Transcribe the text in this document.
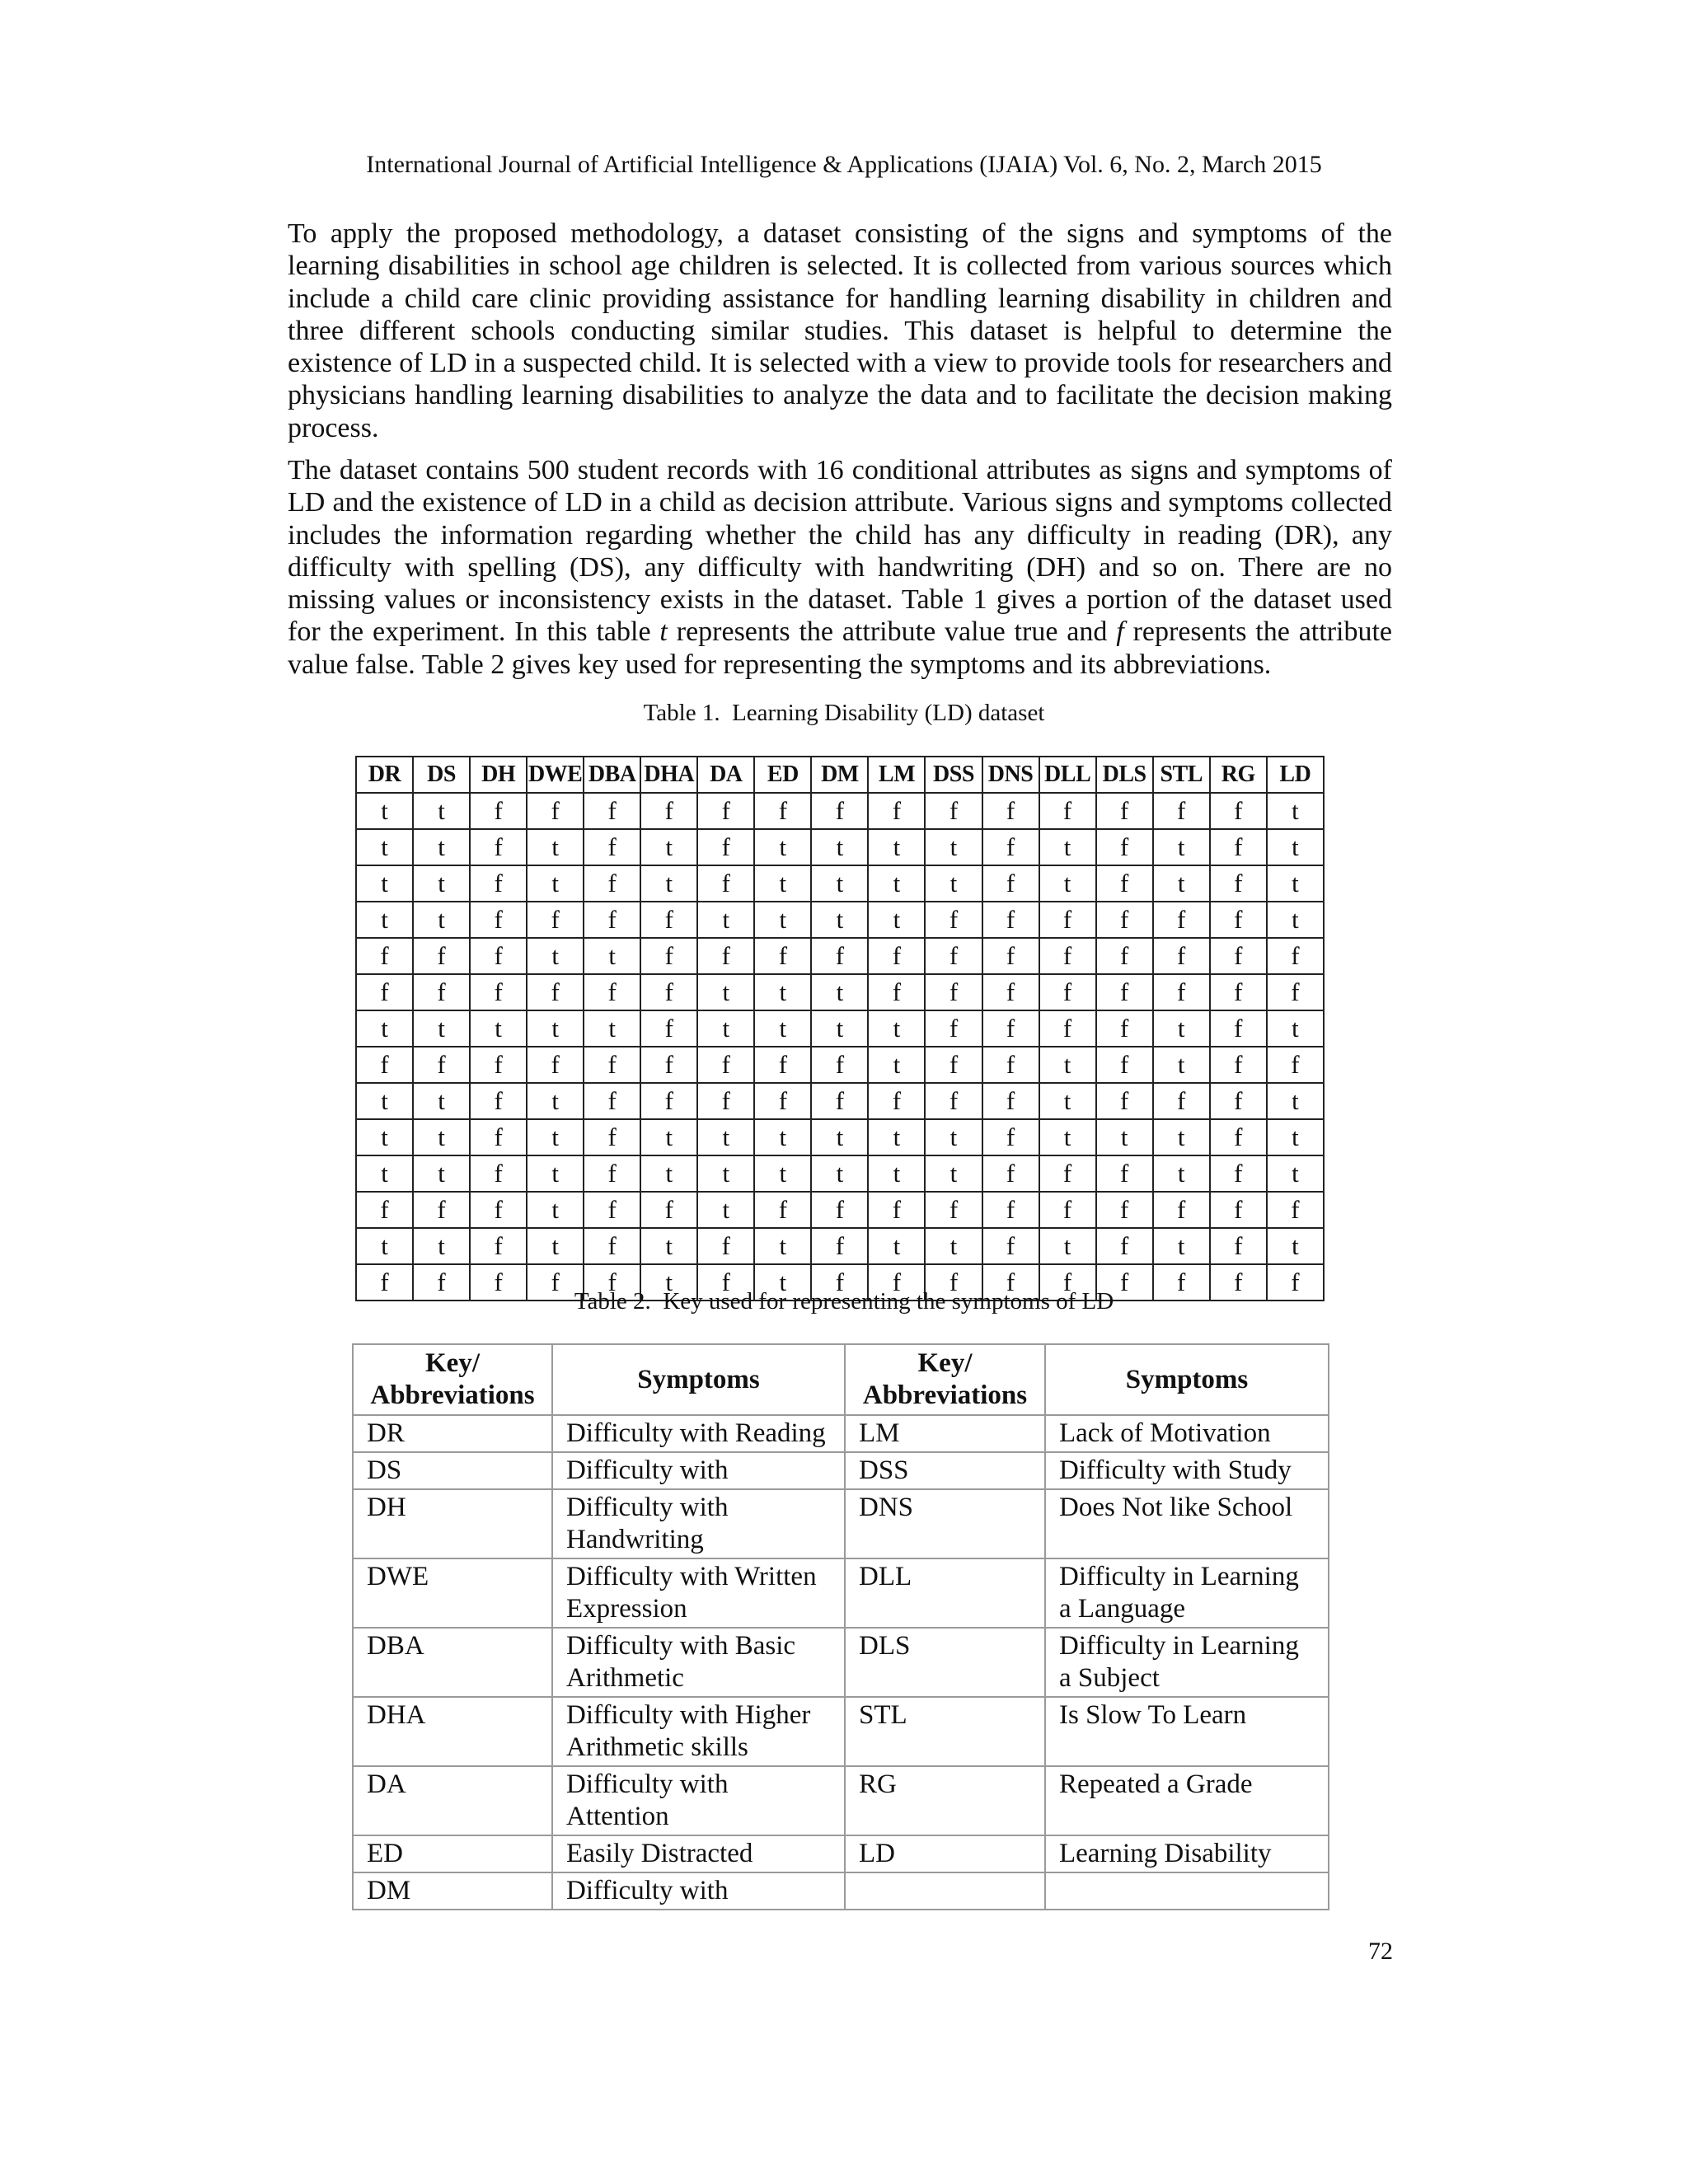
International Journal of Artificial Intelligence & Applications (IJAIA) Vol. 6, No. 2, March 2015

To apply the proposed methodology, a dataset consisting of the signs and symptoms of the learning disabilities in school age children is selected. It is collected from various sources which include a child care clinic providing assistance for handling learning disability in children and three different schools conducting similar studies. This dataset is helpful to determine the existence of LD in a suspected child. It is selected with a view to provide tools for researchers and physicians handling learning disabilities to analyze the data and to facilitate the decision making process.

The dataset contains 500 student records with 16 conditional attributes as signs and symptoms of LD and the existence of LD in a child as decision attribute. Various signs and symptoms collected includes the information regarding whether the child has any difficulty in reading (DR), any difficulty with spelling (DS), any difficulty with handwriting (DH) and so on. There are no missing values or inconsistency exists in the dataset. Table 1 gives a portion of the dataset used for the experiment. In this table t represents the attribute value true and f represents the attribute value false. Table 2 gives key used for representing the symptoms and its abbreviations.

Table 1. Learning Disability (LD) dataset
DR	DS	DH	DWE	DBA	DHA	DA	ED	DM	LM	DSS	DNS	DLL	DLS	STL	RG	LD
t	t	f	f	f	f	f	f	f	f	f	f	f	f	f	f	t
t	t	f	t	f	t	f	t	t	t	t	f	t	f	t	f	t
t	t	f	t	f	t	f	t	t	t	t	f	t	f	t	f	t
t	t	f	f	f	f	t	t	t	t	f	f	f	f	f	f	t
f	f	f	t	t	f	f	f	f	f	f	f	f	f	f	f	f
f	f	f	f	f	f	t	t	t	f	f	f	f	f	f	f	f
t	t	t	t	t	f	t	t	t	t	f	f	f	f	t	f	t
f	f	f	f	f	f	f	f	f	t	f	f	t	f	t	f	f
t	t	f	t	f	f	f	f	f	f	f	f	t	f	f	f	t
t	t	f	t	f	t	t	t	t	t	t	f	t	t	t	f	t
t	t	f	t	f	t	t	t	t	t	t	f	f	f	t	f	t
f	f	f	t	f	f	t	f	f	f	f	f	f	f	f	f	f
t	t	f	t	f	t	f	t	f	t	t	f	t	f	t	f	t
f	f	f	f	f	t	f	t	f	f	f	f	f	f	f	f	f
Table 2. Key used for representing the symptoms of LD
Key/ Abbreviations	Symptoms	Key/ Abbreviations	Symptoms
DR	Difficulty with Reading	LM	Lack of Motivation
DS	Difficulty with	DSS	Difficulty with Study
DH	Difficulty with Handwriting	DNS	Does Not like School
DWE	Difficulty with Written Expression	DLL	Difficulty in Learning a Language
DBA	Difficulty with Basic Arithmetic	DLS	Difficulty in Learning a Subject
DHA	Difficulty with Higher Arithmetic skills	STL	Is Slow To Learn
DA	Difficulty with Attention	RG	Repeated a Grade
ED	Easily Distracted	LD	Learning Disability
DM	Difficulty with		
72
